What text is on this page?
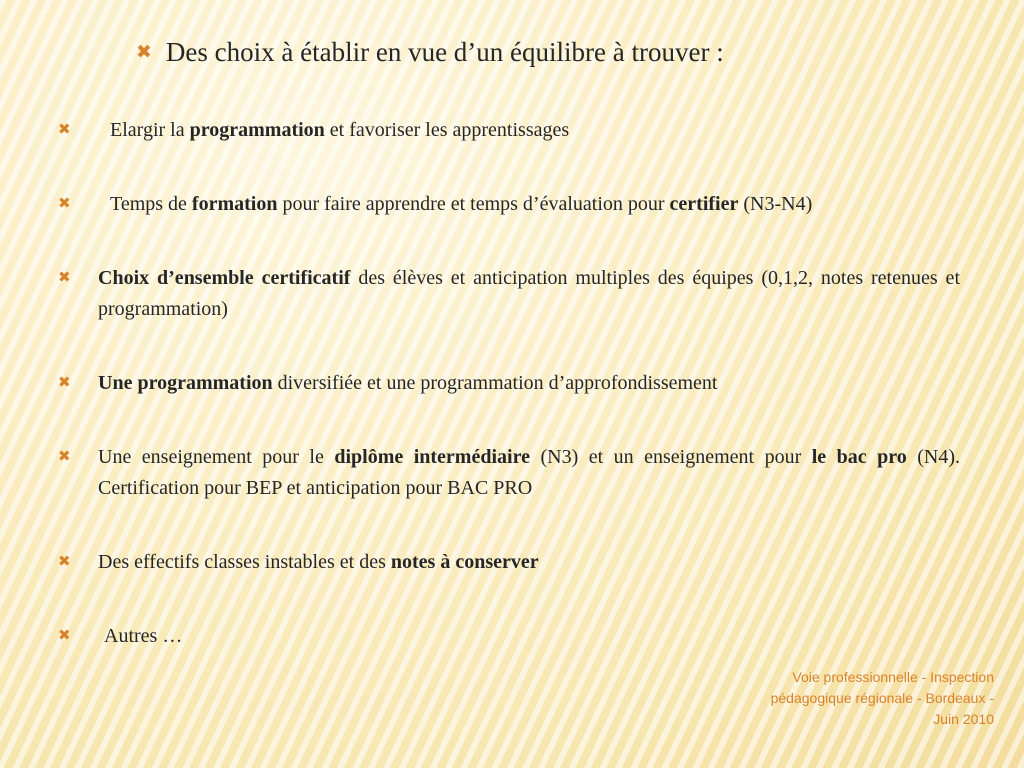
✖ Des choix à établir en vue d’un équilibre à trouver :
✖ Elargir la programmation et favoriser les apprentissages
✖ Temps de formation pour faire apprendre et temps d’évaluation pour certifier (N3-N4)
✖ Choix d’ensemble certificatif des élèves et anticipation multiples des équipes (0,1,2, notes retenues et programmation)
✖ Une programmation diversifiée et une programmation d’approfondissement
✖ Une enseignement pour le diplôme intermédiaire (N3) et un enseignement pour le bac pro (N4). Certification pour BEP et anticipation pour BAC PRO
✖ Des effectifs classes instables et des notes à conserver
✖ Autres …
Voie professionnelle - Inspection
pédagogique régionale - Bordeaux -
Juin 2010
